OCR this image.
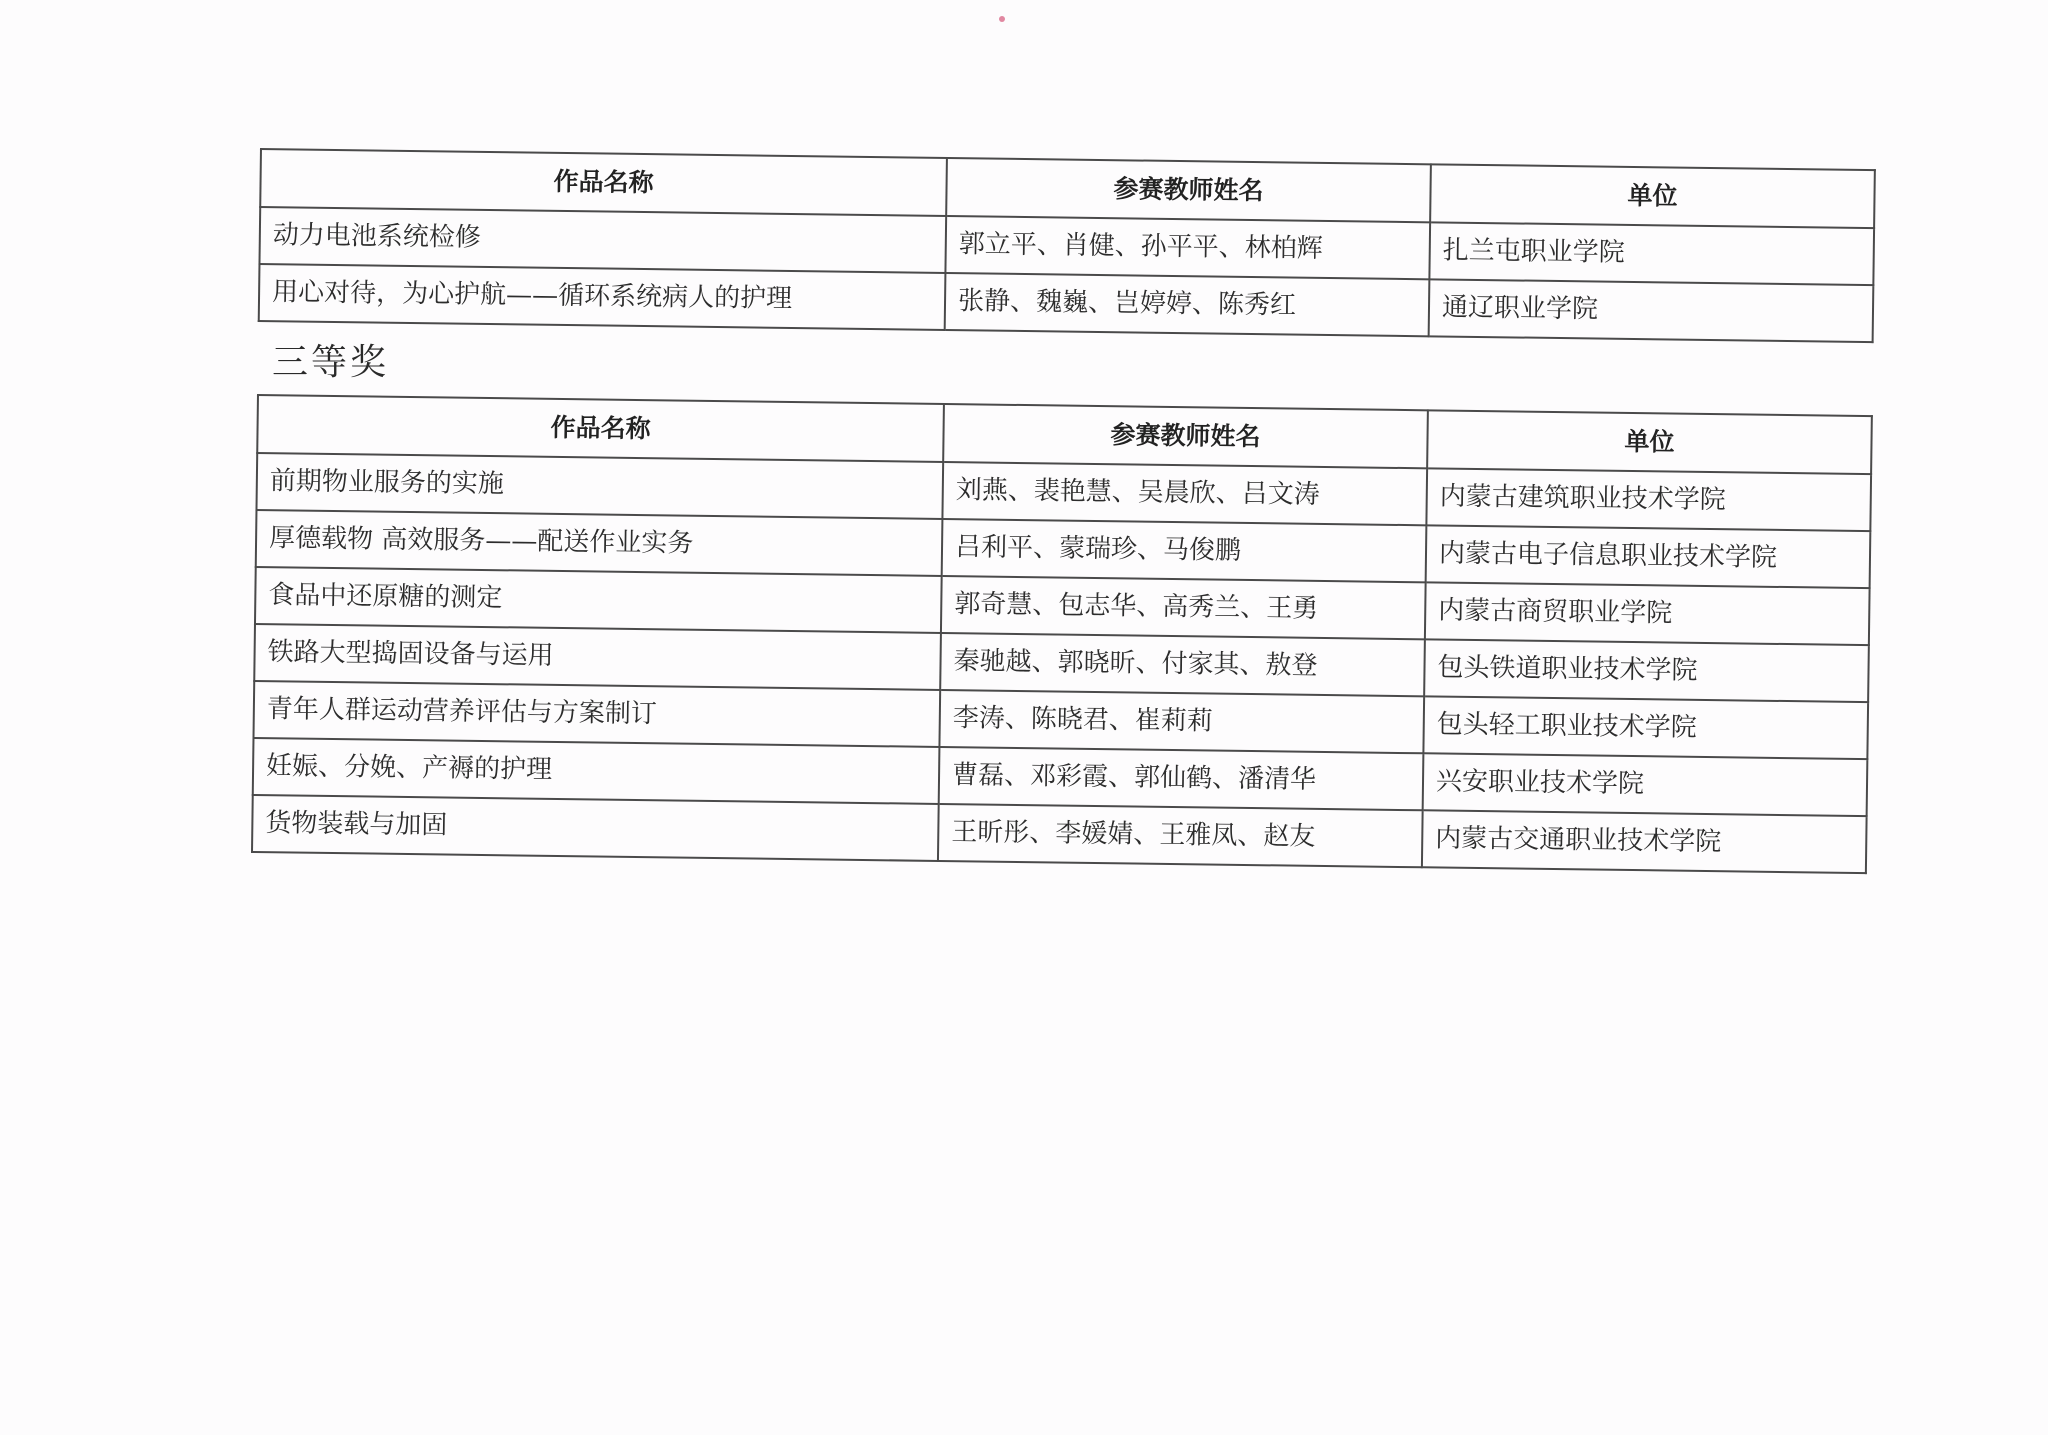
作品名称	参赛教师姓名	单位
动力电池系统检修	郭立平、肖健、孙平平、林柏辉	扎兰屯职业学院
用心对待，为心护航——循环系统病人的护理	张静、魏巍、岂婷婷、陈秀红	通辽职业学院
三等奖
作品名称	参赛教师姓名	单位
前期物业服务的实施	刘燕、裴艳慧、吴晨欣、吕文涛	内蒙古建筑职业技术学院
厚德载物 高效服务——配送作业实务	吕利平、蒙瑞珍、马俊鹏	内蒙古电子信息职业技术学院
食品中还原糖的测定	郭奇慧、包志华、高秀兰、王勇	内蒙古商贸职业学院
铁路大型捣固设备与运用	秦驰越、郭晓昕、付家其、敖登	包头铁道职业技术学院
青年人群运动营养评估与方案制订	李涛、陈晓君、崔莉莉	包头轻工职业技术学院
妊娠、分娩、产褥的护理	曹磊、邓彩霞、郭仙鹤、潘清华	兴安职业技术学院
货物装载与加固	王昕彤、李媛婧、王雅凤、赵友	内蒙古交通职业技术学院
